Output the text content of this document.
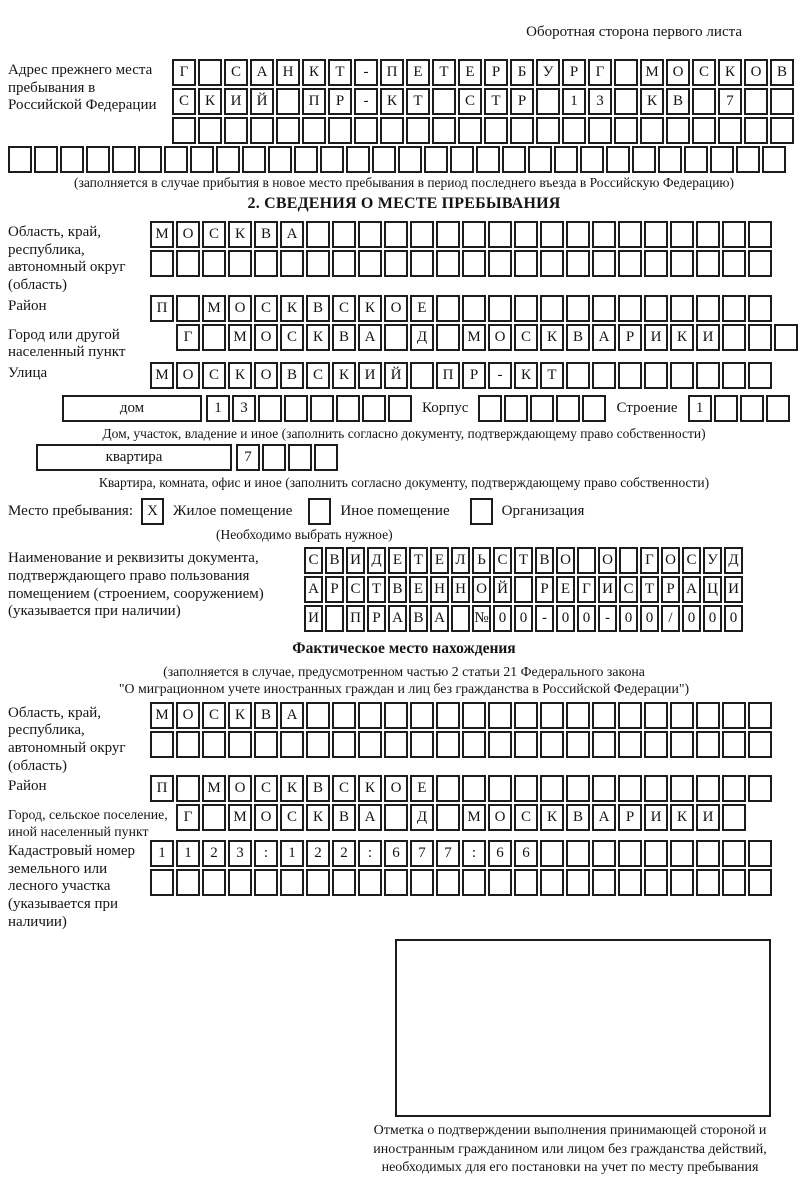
Оборотная сторона первого листа
Адрес прежнего места пребывания в Российской Федерации
Г	С А Н К Т - П Е Т Е Р Б У Р Г	М О С К О В
С К И Й	П Р - К Т	С Т Р	1 3	К В	7
(заполняется в случае прибытия в новое место пребывания в период последнего въезда в Российскую Федерацию)
2. СВЕДЕНИЯ О МЕСТЕ ПРЕБЫВАНИЯ
Область, край, республика, автономный округ (область)
М О С К В А
Район	П	М О С К В С К О Е
Город или другой населенный пункт
Г	М О С К В А	Д	М О С К В А Р И К И
Улица	М О С К О В С К И Й	П Р - К Т
дом	1 3	Корпус	Строение	1
Дом, участок, владение и иное (заполнить согласно документу, подтверждающему право собственности)
квартира	7
Квартира, комната, офис и иное (заполнить согласно документу, подтверждающему право собственности)
Место пребывания: X	Жилое помещение	Иное помещение	Организация
(Необходимо выбрать нужное)
Наименование и реквизиты документа, подтверждающего право пользования помещением (строением, сооружением) (указывается при наличии)
С В И Д Е Т Е Л Ь С Т В О О Г О С У Д
А Р С Т В Е Н Н О Й Р Е Г И С Т Р А Ц И
И П Р А В А № 0 0 - 0 0 - 0 0 / 0 0 0
Фактическое место нахождения
(заполняется в случае, предусмотренном частью 2 статьи 21 Федерального закона
"О миграционном учете иностранных граждан и лиц без гражданства в Российской Федерации")
Область, край, республика, автономный округ (область)
М О С К В А
Район	П	М О С К В С К О Е
Город, сельское поселение, иной населенный пункт
Г	М О С К В А	Д	М О С К В А Р И К И
Кадастровый номер земельного или лесного участка (указывается при наличии)
1 1 2 3 : 1 2 2 : 6 7 7 : 6 6
Отметка о подтверждении выполнения принимающей стороной и иностранным гражданином или лицом без гражданства действий, необходимых для его постановки на учет по месту пребывания
